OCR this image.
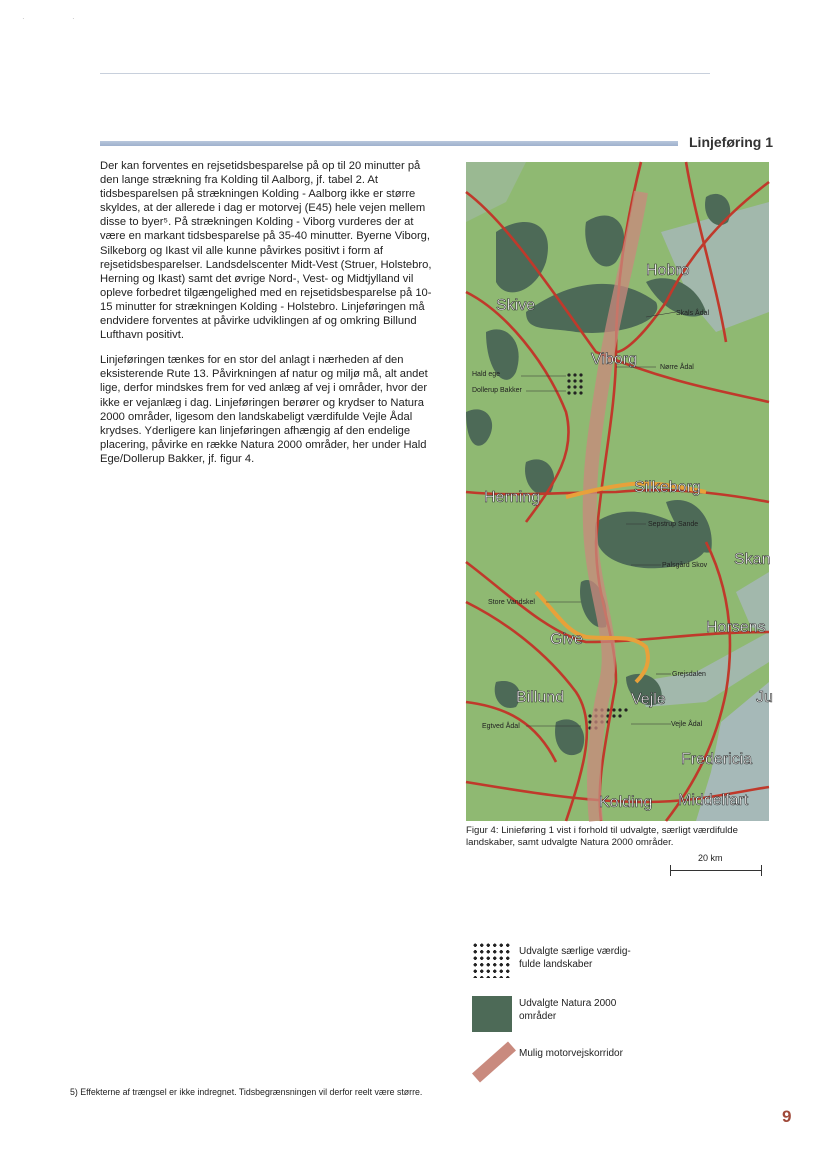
·	·
Linjeføring 1

Der kan forventes en rejsetidsbesparelse på op til 20 minutter på den lange strækning fra Kolding til Aalborg, jf. tabel 2. At tidsbesparelsen på strækningen Kolding - Aalborg ikke er større skyldes, at der allerede i dag er motorvej (E45) hele vejen mellem disse to byer⁵. På strækningen Kolding - Viborg vurderes der at være en markant tidsbesparelse på 35-40 minutter. Byerne Viborg, Silkeborg og Ikast vil alle kunne påvirkes positivt i form af rejsetidsbesparelser. Landsdelscenter Midt-Vest (Struer, Holstebro, Herning og Ikast) samt det øvrige Nord-, Vest- og Midtjylland vil opleve forbedret tilgængelighed med en rejsetidsbesparelse på 10-15 minutter for strækningen Kolding - Holstebro. Linjeføringen må endvidere forventes at påvirke udviklingen af og omkring Billund Lufthavn positivt.

Linjeføringen tænkes for en stor del anlagt i nærheden af den eksisterende Rute 13. Påvirkningen af natur og miljø må, alt andet lige, derfor mindskes frem for ved anlæg af vej i områder, hvor der ikke er vejanlæg i dag. Linjeføringen berører og krydser to Natura 2000 områder, ligesom den landskabeligt værdifulde Vejle Ådal krydses. Yderligere kan linjeføringen afhængig af den endelige placering, påvirke en række Natura 2000 områder, her under Hald Ege/Dollerup Bakker, jf. figur 4.

Hobro
Skive
Viborg
Silkeborg
Herning
Skan
Horsens
Give
Billund	Vejle	Ju
Fredericia
Kolding Middelfart
Skals Ådal
Nørre Ådal
Hald ege
Dollerup Bakker
Sepstrup Sande
Palsgård Skov
Store Vandskel
Grejsdalen
Egtved Ådal	Vejle Ådal
Figur 4: Linieføring 1 vist i forhold til udvalgte, særligt værdifulde landskaber, samt udvalgte Natura 2000 områder.
20 km
Udvalgte særlige værdig-
fulde landskaber
Udvalgte Natura 2000
områder
Mulig motorvejskorridor
5) Effekterne af trængsel er ikke indregnet. Tidsbegrænsningen vil derfor reelt være større.
9
